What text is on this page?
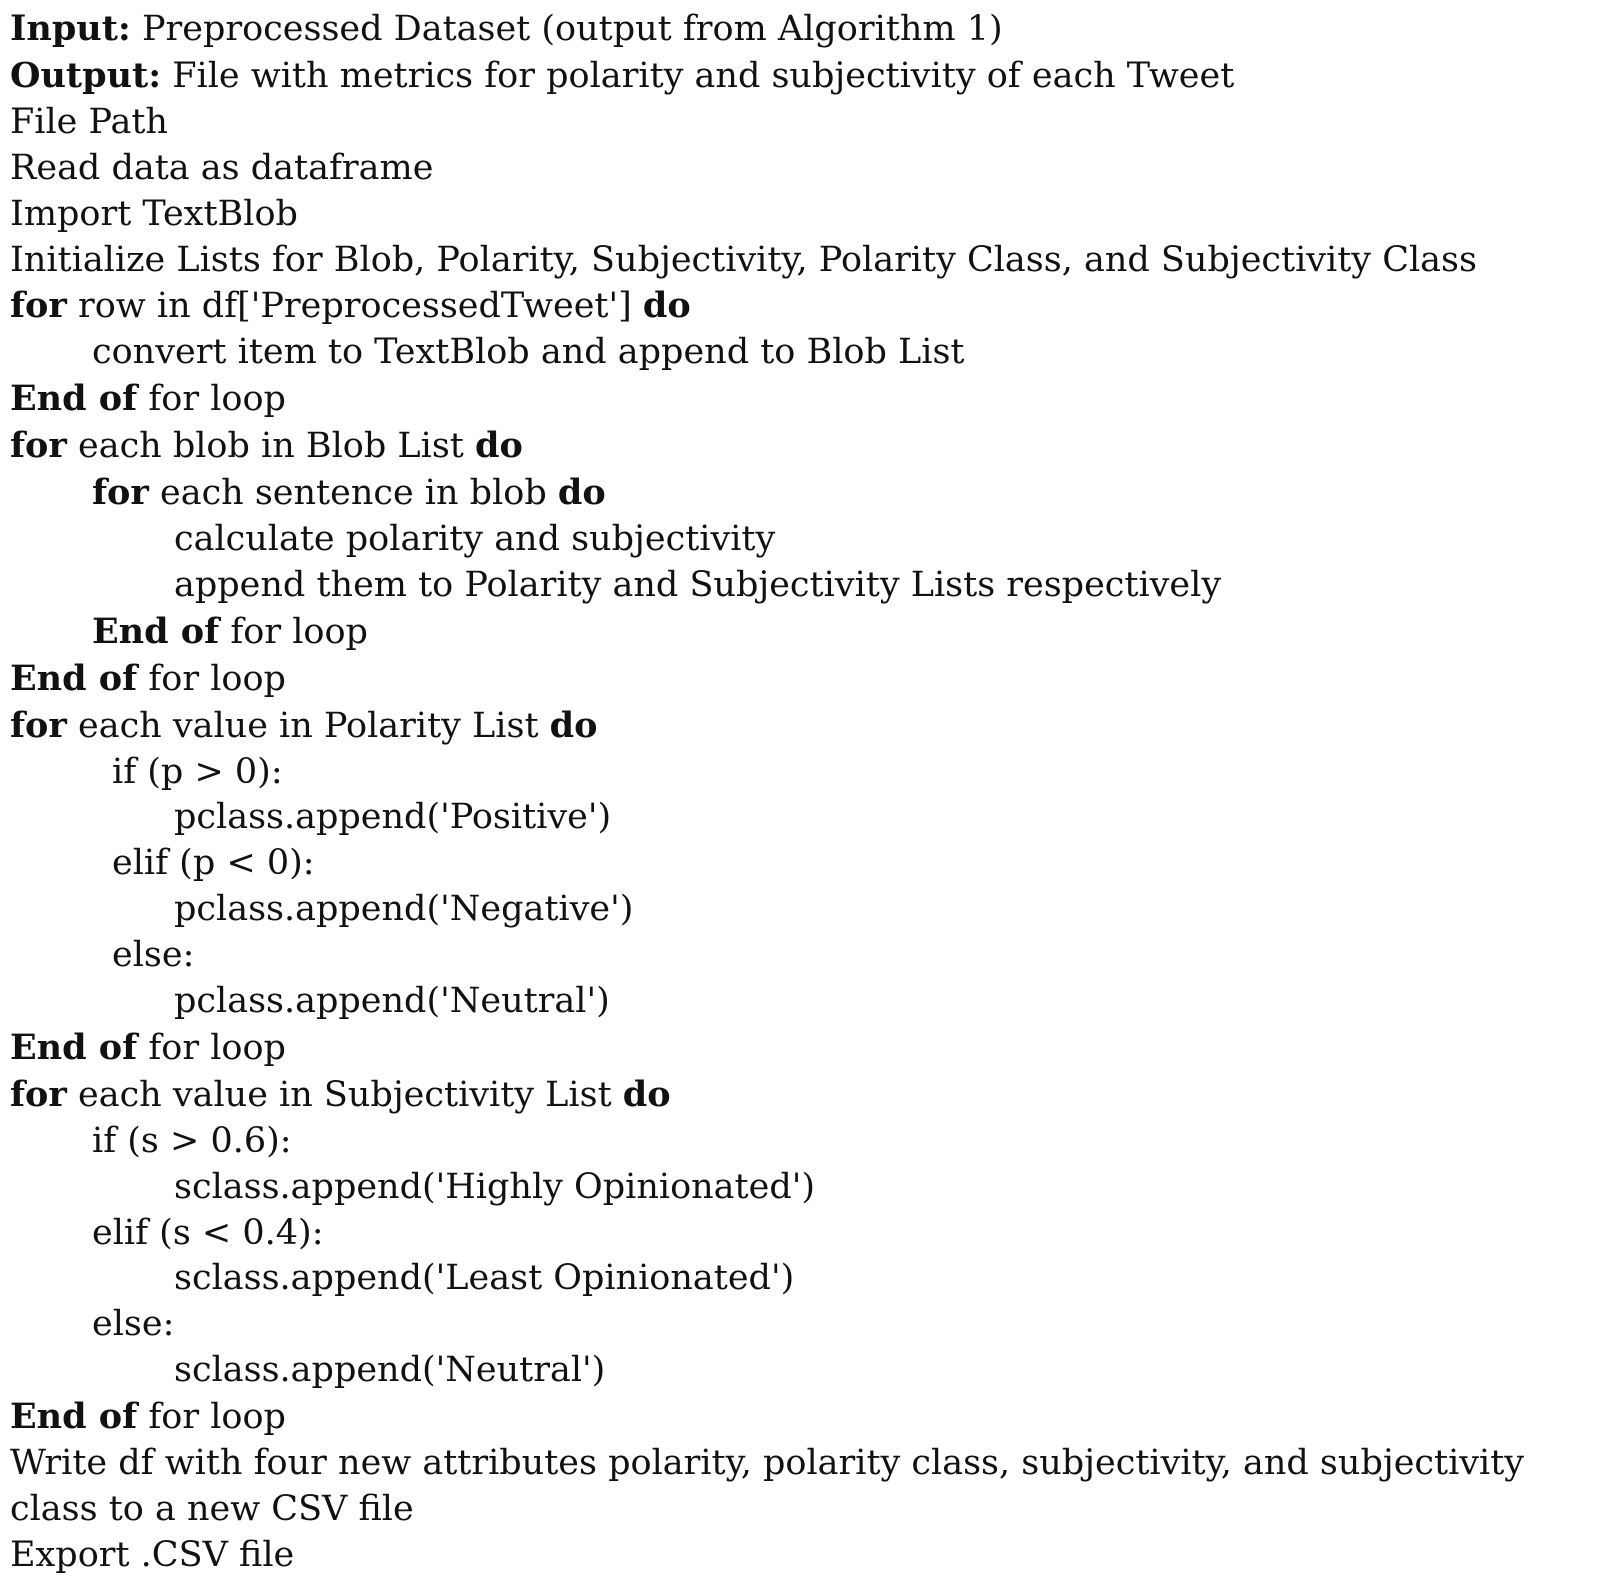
Input: Preprocessed Dataset (output from Algorithm 1)
Output: File with metrics for polarity and subjectivity of each Tweet
File Path
Read data as dataframe
Import TextBlob
Initialize Lists for Blob, Polarity, Subjectivity, Polarity Class, and Subjectivity Class
for row in df['PreprocessedTweet'] do
convert item to TextBlob and append to Blob List
End of for loop
for each blob in Blob List do
for each sentence in blob do
calculate polarity and subjectivity
append them to Polarity and Subjectivity Lists respectively
End of for loop
End of for loop
for each value in Polarity List do
if (p > 0):
pclass.append('Positive')
elif (p < 0):
pclass.append('Negative')
else:
pclass.append('Neutral')
End of for loop
for each value in Subjectivity List do
if (s > 0.6):
sclass.append('Highly Opinionated')
elif (s < 0.4):
sclass.append('Least Opinionated')
else:
sclass.append('Neutral')
End of for loop
Write df with four new attributes polarity, polarity class, subjectivity, and subjectivity class to a new CSV file
Export .CSV file
